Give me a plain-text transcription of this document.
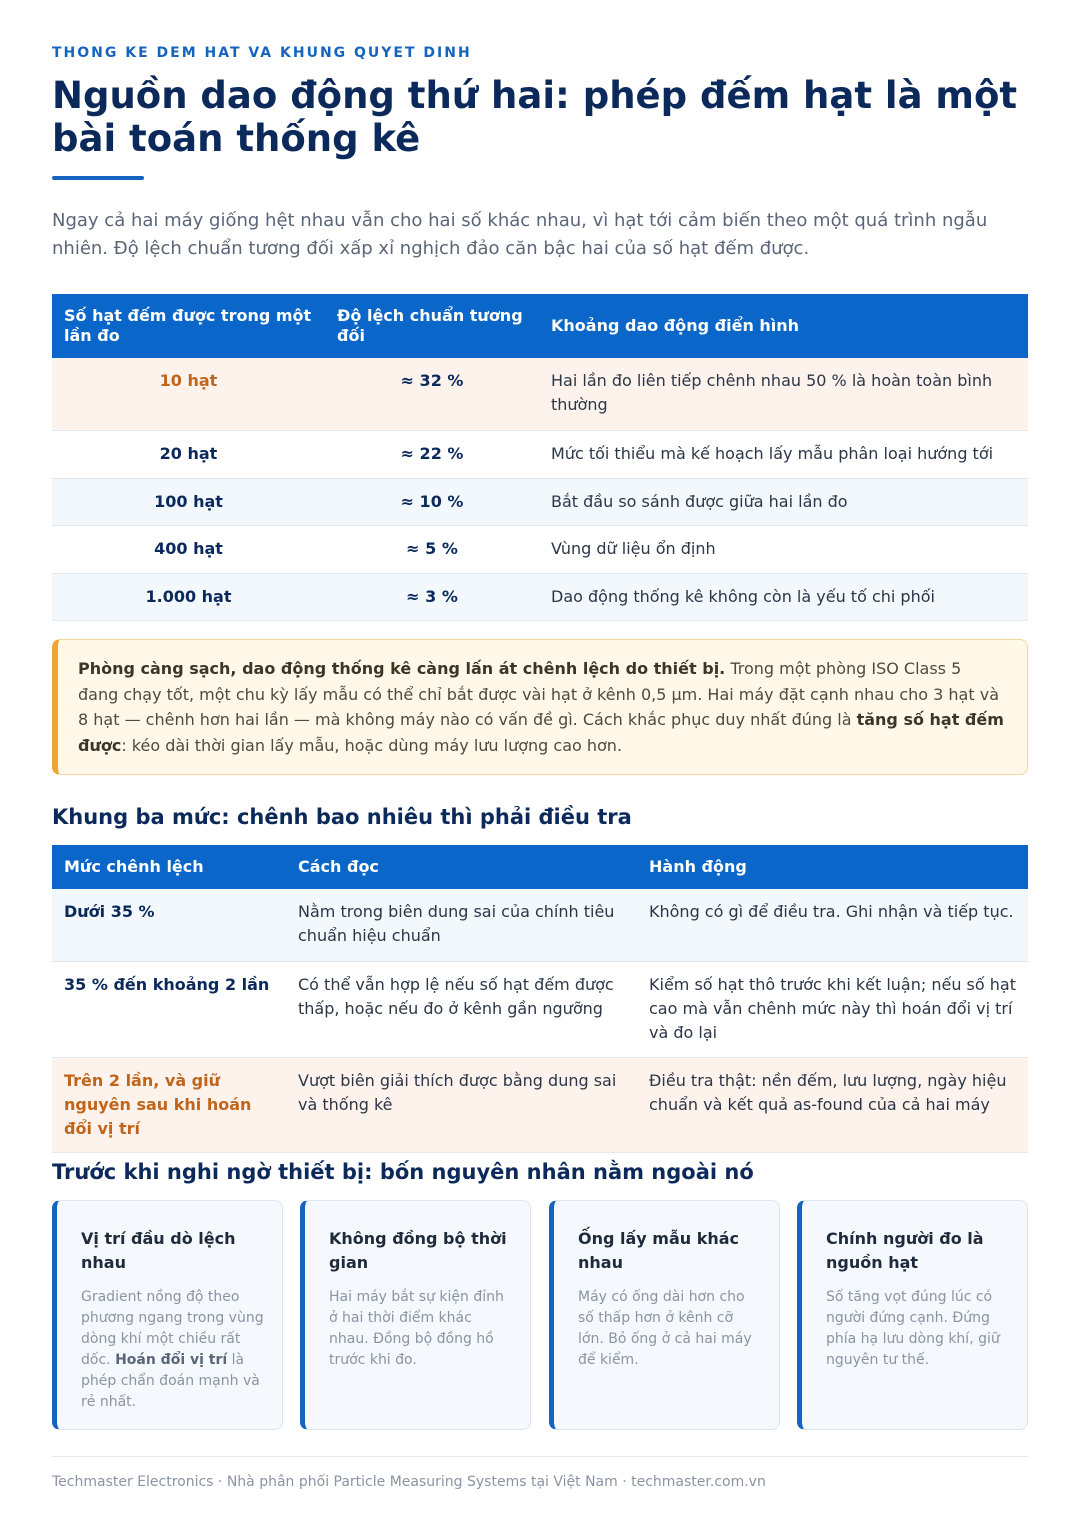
THONG KE DEM HAT VA KHUNG QUYET DINH
Nguồn dao động thứ hai: phép đếm hạt là một bài toán thống kê

Ngay cả hai máy giống hệt nhau vẫn cho hai số khác nhau, vì hạt tới cảm biến theo một quá trình ngẫu nhiên. Độ lệch chuẩn tương đối xấp xỉ nghịch đảo căn bậc hai của số hạt đếm được.

Số hạt đếm được trong một lần đo	Độ lệch chuẩn tương đối	Khoảng dao động điển hình
10 hạt	≈ 32 %	Hai lần đo liên tiếp chênh nhau 50 % là hoàn toàn bình thường
20 hạt	≈ 22 %	Mức tối thiểu mà kế hoạch lấy mẫu phân loại hướng tới
100 hạt	≈ 10 %	Bắt đầu so sánh được giữa hai lần đo
400 hạt	≈ 5 %	Vùng dữ liệu ổn định
1.000 hạt	≈ 3 %	Dao động thống kê không còn là yếu tố chi phối
Phòng càng sạch, dao động thống kê càng lấn át chênh lệch do thiết bị. Trong một phòng ISO Class 5 đang chạy tốt, một chu kỳ lấy mẫu có thể chỉ bắt được vài hạt ở kênh 0,5 µm. Hai máy đặt cạnh nhau cho 3 hạt và 8 hạt — chênh hơn hai lần — mà không máy nào có vấn đề gì. Cách khắc phục duy nhất đúng là tăng số hạt đếm được: kéo dài thời gian lấy mẫu, hoặc dùng máy lưu lượng cao hơn.
Khung ba mức: chênh bao nhiêu thì phải điều tra
Mức chênh lệch	Cách đọc	Hành động
Dưới 35 %	Nằm trong biên dung sai của chính tiêu chuẩn hiệu chuẩn	Không có gì để điều tra. Ghi nhận và tiếp tục.
35 % đến khoảng 2 lần	Có thể vẫn hợp lệ nếu số hạt đếm được thấp, hoặc nếu đo ở kênh gần ngưỡng	Kiểm số hạt thô trước khi kết luận; nếu số hạt cao mà vẫn chênh mức này thì hoán đổi vị trí và đo lại
Trên 2 lần, và giữ nguyên sau khi hoán đổi vị trí	Vượt biên giải thích được bằng dung sai và thống kê	Điều tra thật: nền đếm, lưu lượng, ngày hiệu chuẩn và kết quả as-found của cả hai máy
Trước khi nghi ngờ thiết bị: bốn nguyên nhân nằm ngoài nó
Vị trí đầu dò lệch nhau
Gradient nồng độ theo phương ngang trong vùng dòng khí một chiều rất dốc. Hoán đổi vị trí là phép chẩn đoán mạnh và rẻ nhất.
Không đồng bộ thời gian
Hai máy bắt sự kiện đỉnh ở hai thời điểm khác nhau. Đồng bộ đồng hồ trước khi đo.
Ống lấy mẫu khác nhau
Máy có ống dài hơn cho số thấp hơn ở kênh cỡ lớn. Bỏ ống ở cả hai máy để kiểm.
Chính người đo là nguồn hạt
Số tăng vọt đúng lúc có người đứng cạnh. Đứng phía hạ lưu dòng khí, giữ nguyên tư thế.
Techmaster Electronics · Nhà phân phối Particle Measuring Systems tại Việt Nam · techmaster.com.vn
